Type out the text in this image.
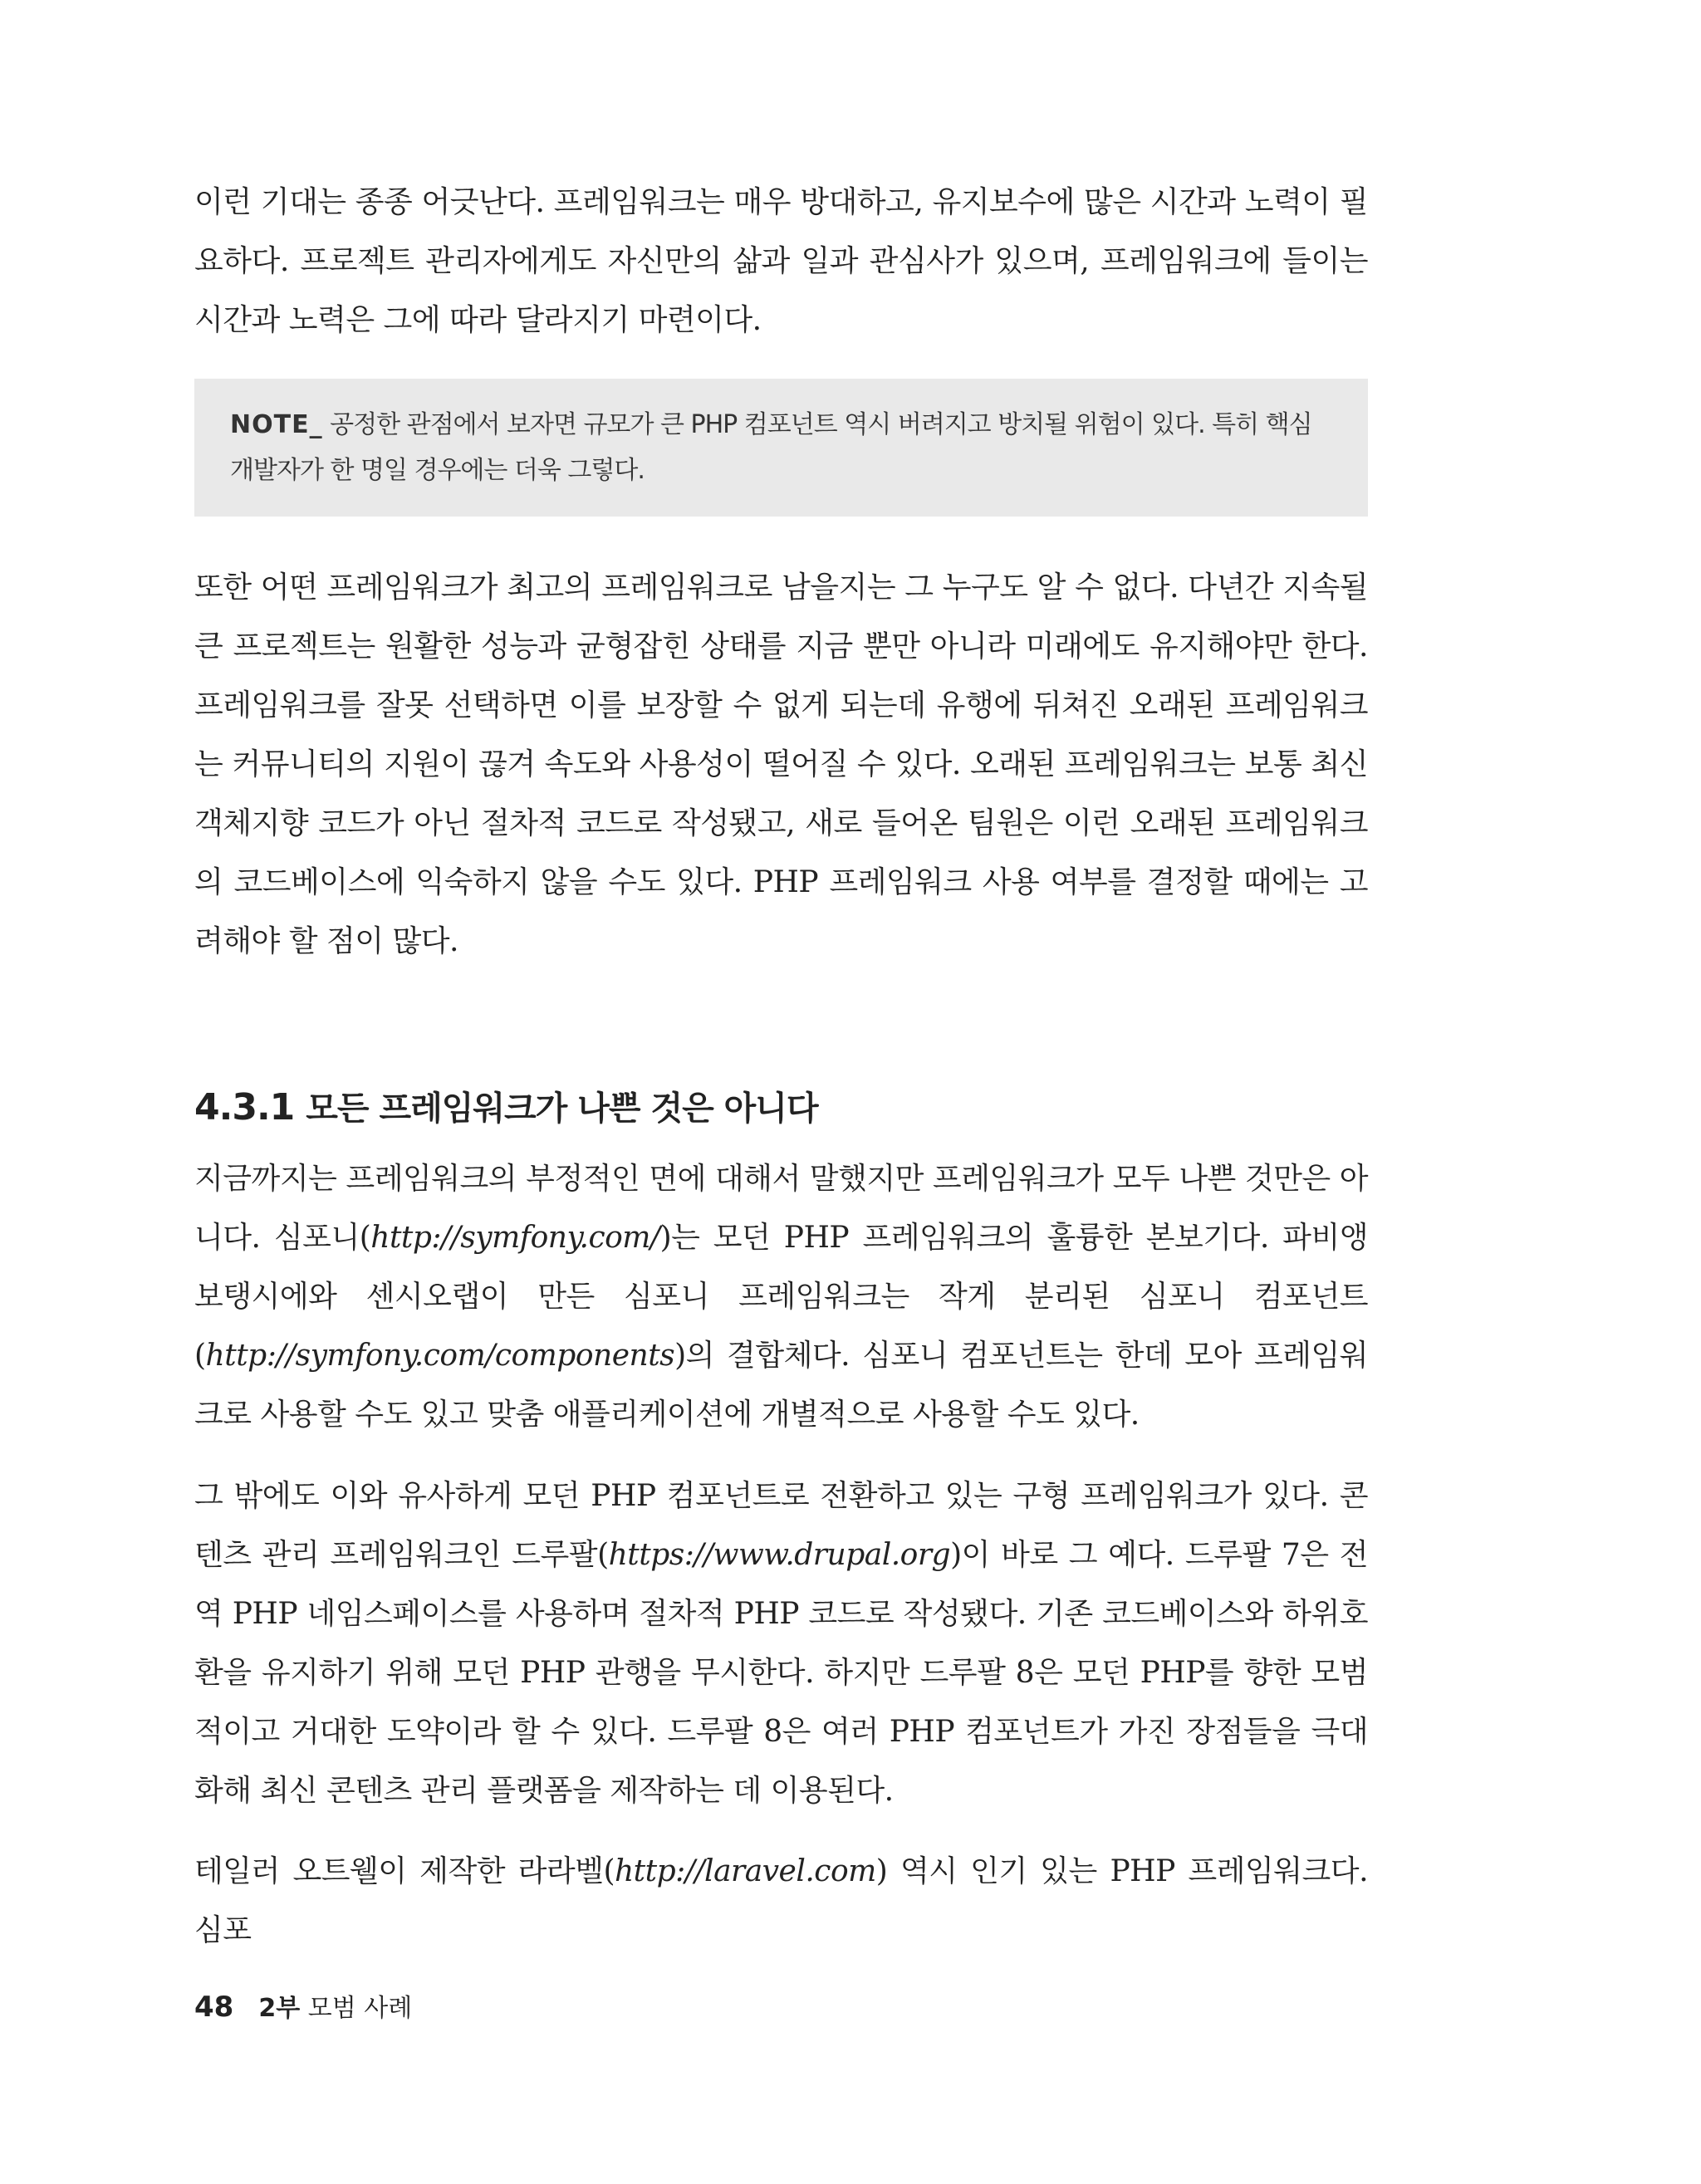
이런 기대는 종종 어긋난다. 프레임워크는 매우 방대하고, 유지보수에 많은 시간과 노력이 필요하다. 프로젝트 관리자에게도 자신만의 삶과 일과 관심사가 있으며, 프레임워크에 들이는 시간과 노력은 그에 따라 달라지기 마련이다.

NOTE_ 공정한 관점에서 보자면 규모가 큰 PHP 컴포넌트 역시 버려지고 방치될 위험이 있다. 특히 핵심 개발자가 한 명일 경우에는 더욱 그렇다.

또한 어떤 프레임워크가 최고의 프레임워크로 남을지는 그 누구도 알 수 없다. 다년간 지속될 큰 프로젝트는 원활한 성능과 균형잡힌 상태를 지금 뿐만 아니라 미래에도 유지해야만 한다. 프레임워크를 잘못 선택하면 이를 보장할 수 없게 되는데 유행에 뒤쳐진 오래된 프레임워크는 커뮤니티의 지원이 끊겨 속도와 사용성이 떨어질 수 있다. 오래된 프레임워크는 보통 최신 객체지향 코드가 아닌 절차적 코드로 작성됐고, 새로 들어온 팀원은 이런 오래된 프레임워크의 코드베이스에 익숙하지 않을 수도 있다. PHP 프레임워크 사용 여부를 결정할 때에는 고려해야 할 점이 많다.

4.3.1 모든 프레임워크가 나쁜 것은 아니다

지금까지는 프레임워크의 부정적인 면에 대해서 말했지만 프레임워크가 모두 나쁜 것만은 아니다. 심포니(http://symfony.com/)는 모던 PHP 프레임워크의 훌륭한 본보기다. 파비앵 보탱시에와 센시오랩이 만든 심포니 프레임워크는 작게 분리된 심포니 컴포넌트(http://symfony.com/components)의 결합체다. 심포니 컴포넌트는 한데 모아 프레임워크로 사용할 수도 있고 맞춤 애플리케이션에 개별적으로 사용할 수도 있다.

그 밖에도 이와 유사하게 모던 PHP 컴포넌트로 전환하고 있는 구형 프레임워크가 있다. 콘텐츠 관리 프레임워크인 드루팔(https://www.drupal.org)이 바로 그 예다. 드루팔 7은 전역 PHP 네임스페이스를 사용하며 절차적 PHP 코드로 작성됐다. 기존 코드베이스와 하위호환을 유지하기 위해 모던 PHP 관행을 무시한다. 하지만 드루팔 8은 모던 PHP를 향한 모범적이고 거대한 도약이라 할 수 있다. 드루팔 8은 여러 PHP 컴포넌트가 가진 장점들을 극대화해 최신 콘텐츠 관리 플랫폼을 제작하는 데 이용된다.

테일러 오트웰이 제작한 라라벨(http://laravel.com) 역시 인기 있는 PHP 프레임워크다. 심포

48 2부 모범 사례
